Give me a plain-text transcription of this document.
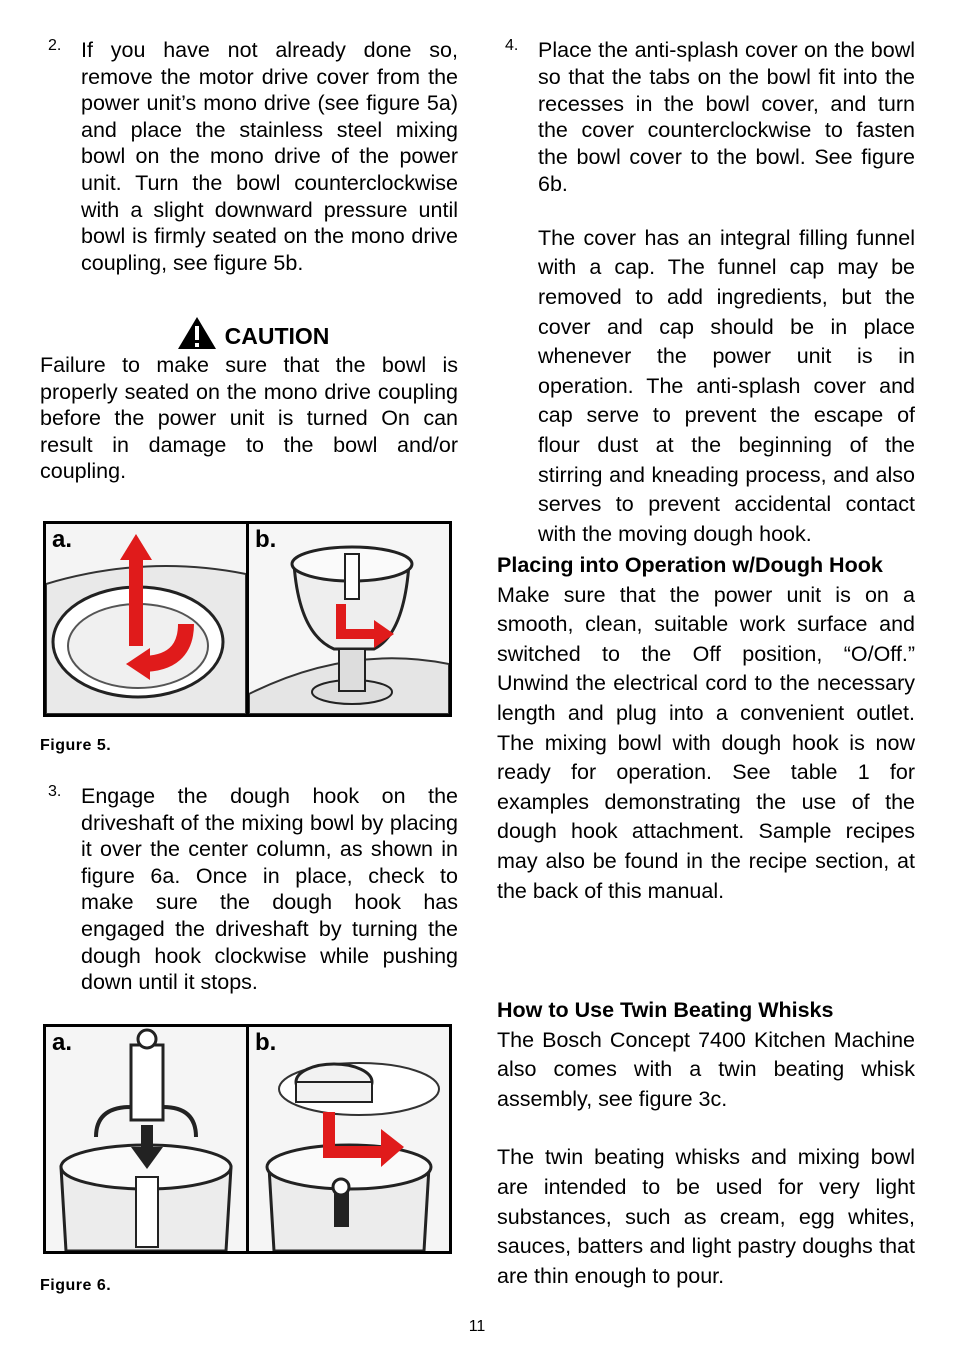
2. If you have not already done so, remove the motor drive cover from the power unit’s mono drive (see figure 5a) and place the stainless steel mixing bowl on the mono drive of the power unit. Turn the bowl counterclockwise with a slight downward pressure until bowl is firmly seated on the mono drive coupling, see figure 5b.

CAUTION

Failure to make sure that the bowl is properly seated on the mono drive coupling before the power unit is turned On can result in damage to the bowl and/or coupling.

a.	b.
Figure 5.
3. Engage the dough hook on the driveshaft of the mixing bowl by placing it over the center column, as shown in figure 6a. Once in place, check to make sure the dough hook has engaged the driveshaft by turning the dough hook clockwise while pushing down until it stops.

a.	b.
Figure 6.
4. Place the anti-splash cover on the bowl so that the tabs on the bowl fit into the recesses in the bowl cover, and turn the cover counterclockwise to fasten the bowl cover to the bowl. See figure 6b.

The cover has an integral filling funnel with a cap. The funnel cap may be removed to add ingredients, but the cover and cap should be in place whenever the power unit is in operation. The anti-splash cover and cap serve to prevent the escape of flour dust at the beginning of the stirring and kneading process, and also serves to prevent accidental contact with the moving dough hook.

Placing into Operation w/Dough Hook

Make sure that the power unit is on a smooth, clean, suitable work surface and switched to the Off position, “O/Off.” Unwind the electrical cord to the necessary length and plug into a convenient outlet. The mixing bowl with dough hook is now ready for operation. See table 1 for examples demonstrating the use of the dough hook attachment. Sample recipes may also be found in the recipe section, at the back of this manual.

How to Use Twin Beating Whisks

The Bosch Concept 7400 Kitchen Machine also comes with a twin beating whisk assembly, see figure 3c.

The twin beating whisks and mixing bowl are intended to be used for very light substances, such as cream, egg whites, sauces, batters and light pastry doughs that are thin enough to pour.

11
